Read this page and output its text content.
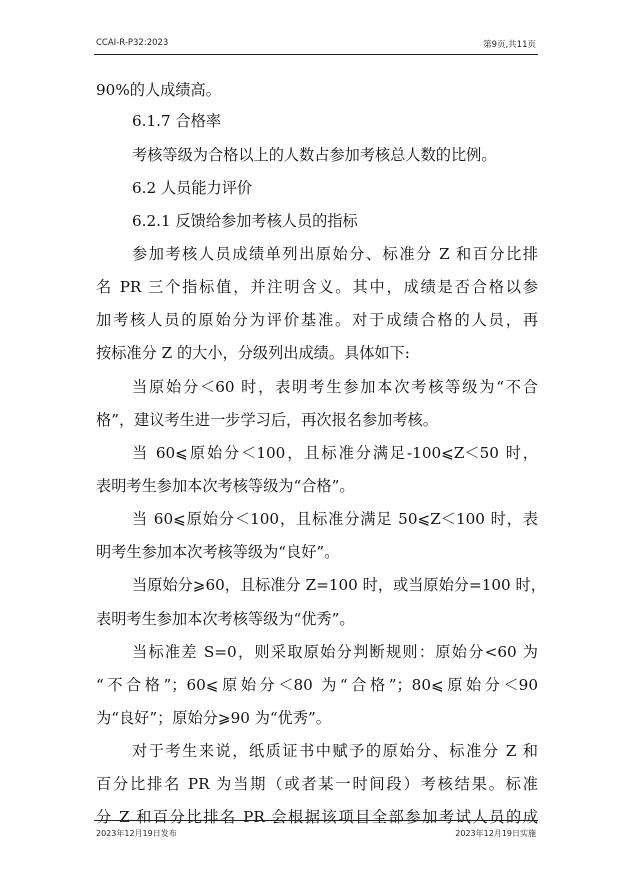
CCAI-R-P32:2023	第9页,共11页
90%的人成绩高。
6.1.7 合格率
考核等级为合格以上的人数占参加考核总人数的比例。
6.2 人员能力评价
6.2.1 反馈给参加考核人员的指标
参加考核人员成绩单列出原始分、标准分 Z 和百分比排
名 PR 三个指标值，并注明含义。其中，成绩是否合格以参
加考核人员的原始分为评价基准。对于成绩合格的人员，再
按标准分 Z 的大小，分级列出成绩。具体如下:
当原始分＜60 时，表明考生参加本次考核等级为“不合
格”，建议考生进一步学习后，再次报名参加考核。
当 60⩽原始分＜100，且标准分满足-100⩽Z＜50 时，
表明考生参加本次考核等级为“合格”。
当 60⩽原始分＜100，且标准分满足 50⩽Z＜100 时，表
明考生参加本次考核等级为“良好”。
当原始分⩾60，且标准分 Z=100 时，或当原始分=100 时，
表明考生参加本次考核等级为“优秀”。
当标准差 S=0，则采取原始分判断规则：原始分<60 为
“不合格”；60⩽原始分＜80 为“合格”；80⩽原始分＜90
为“良好”；原始分⩾90 为“优秀”。
对于考生来说，纸质证书中赋予的原始分、标准分 Z 和
百分比排名 PR 为当期（或者某一时间段）考核结果。标准
分 Z 和百分比排名 PR 会根据该项目全部参加考试人员的成
2023年12月19日发布	2023年12月19日实施
